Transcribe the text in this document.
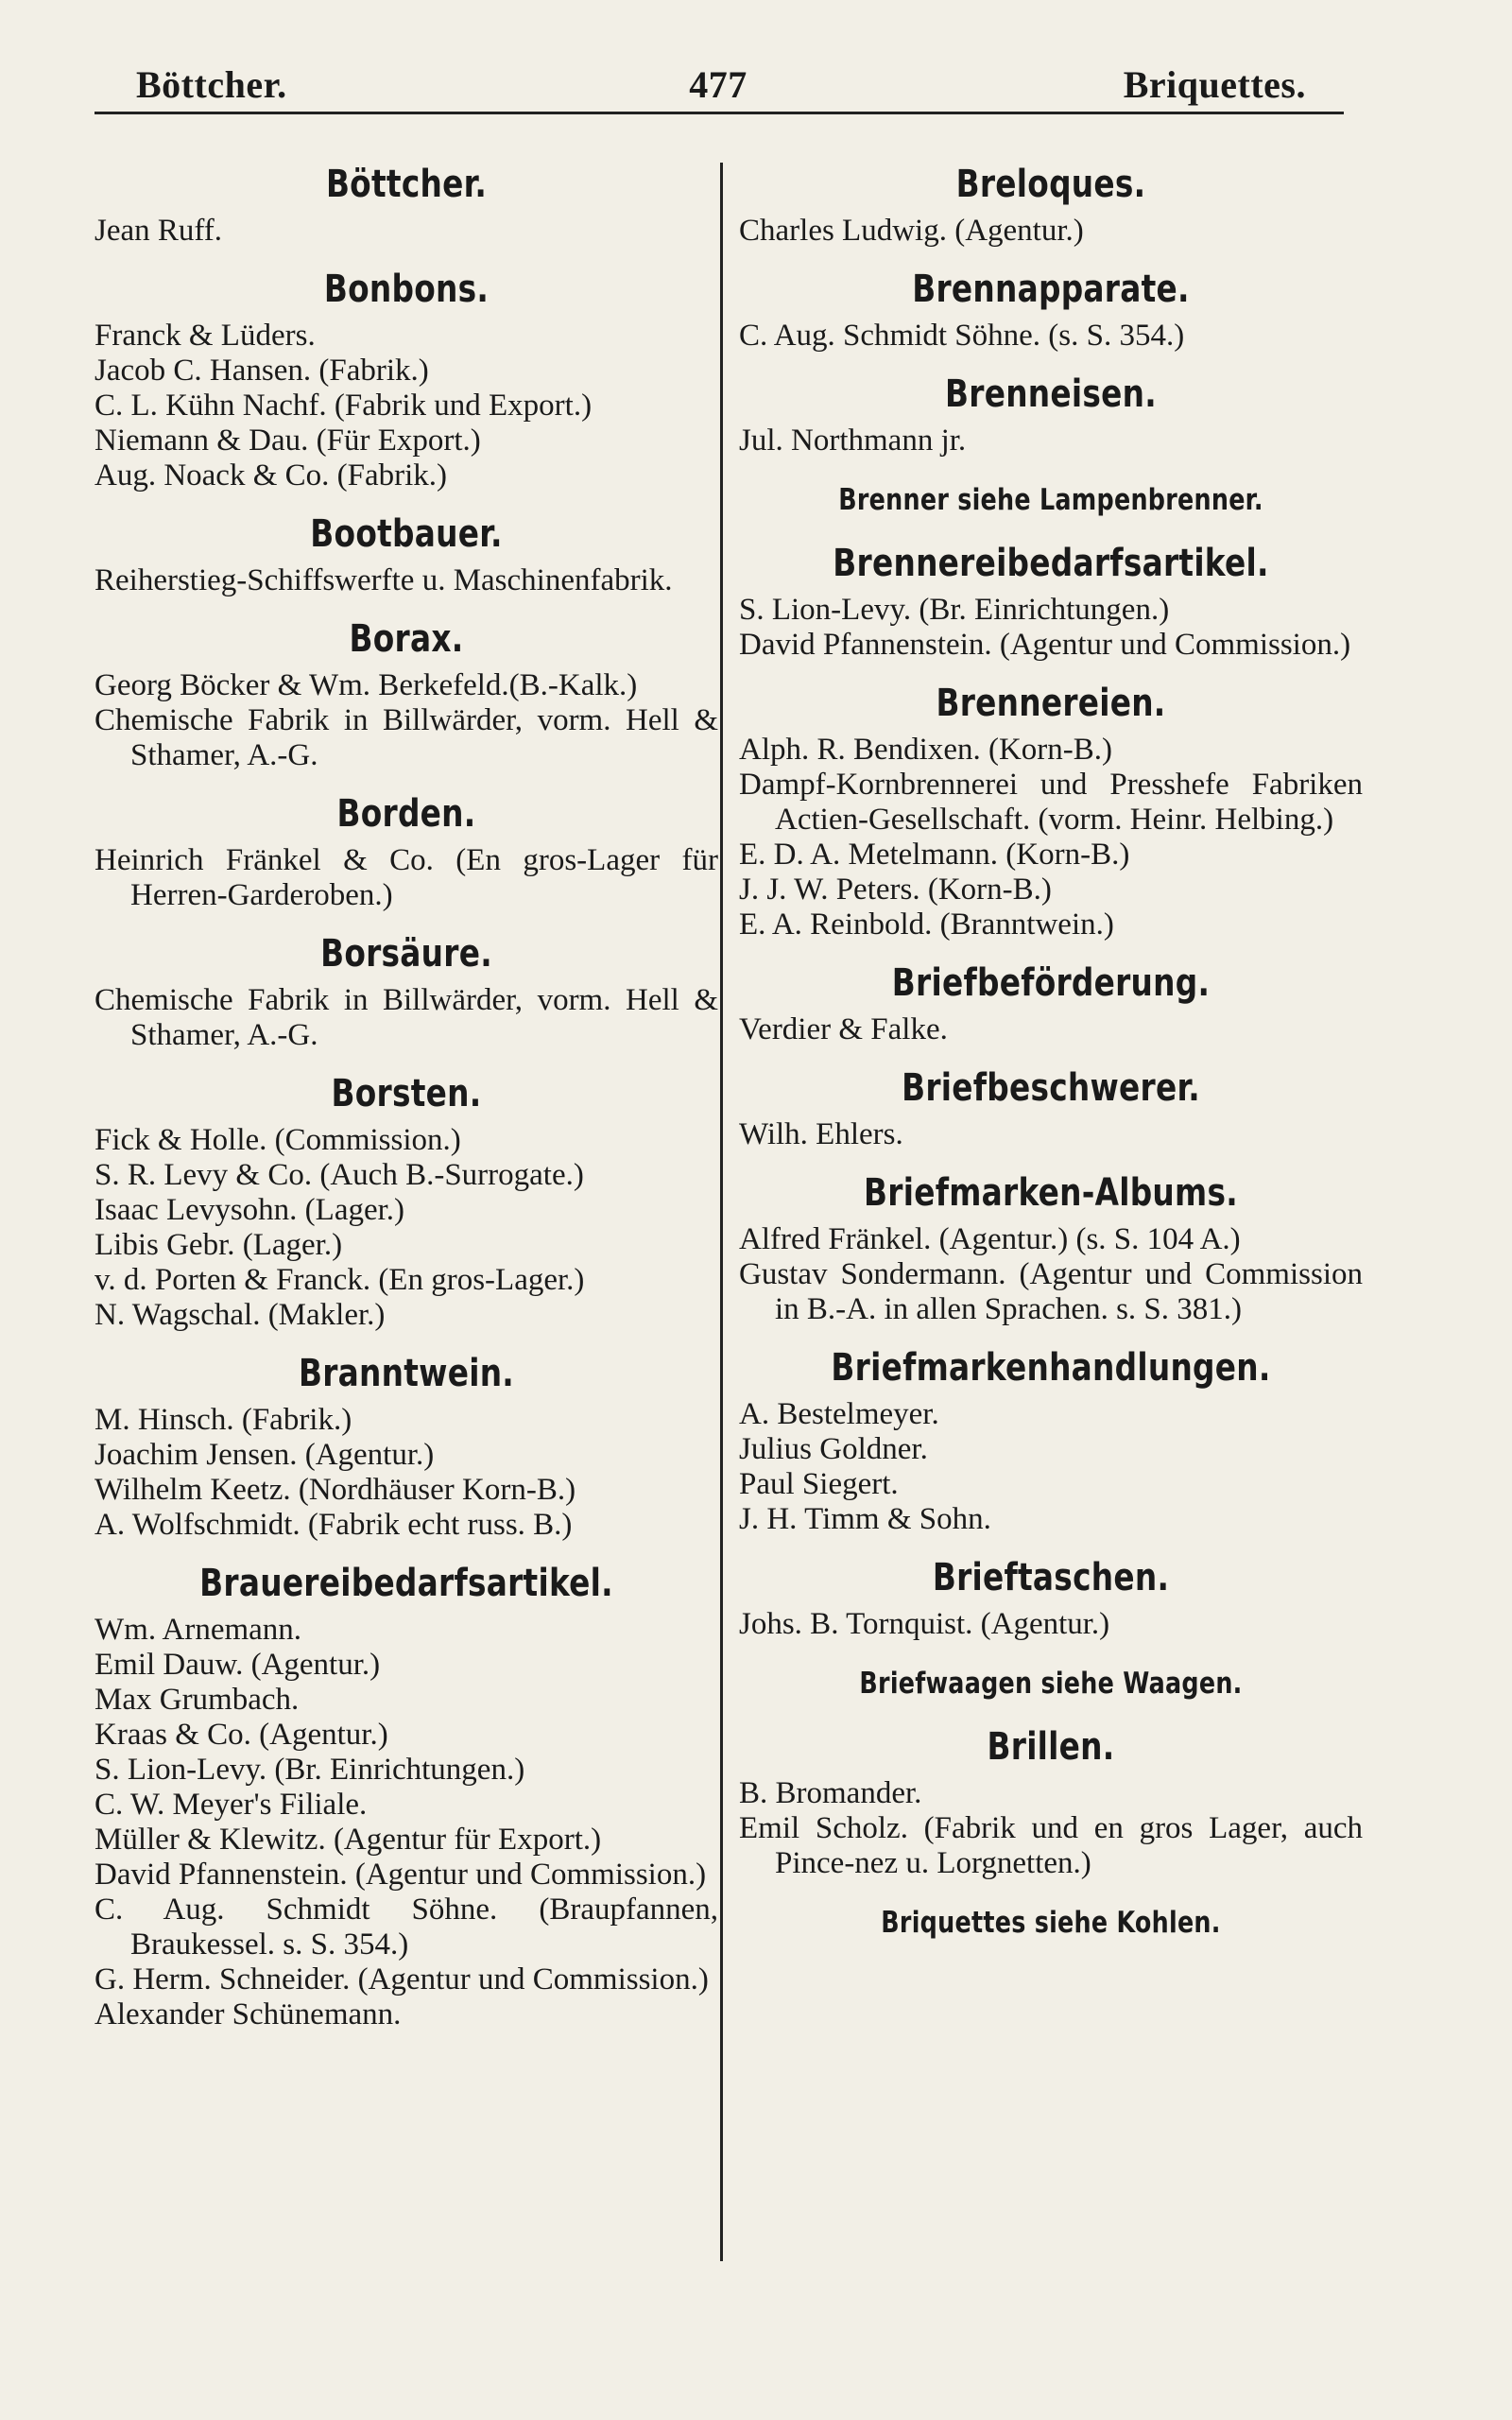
Böttcher.	477	Briquettes.
Böttcher.
Jean Ruff.
Bonbons.
Franck & Lüders.
Jacob C. Hansen. (Fabrik.)
C. L. Kühn Nachf. (Fabrik und Export.)
Niemann & Dau. (Für Export.)
Aug. Noack & Co. (Fabrik.)
Bootbauer.
Reiherstieg-Schiffswerfte u. Maschinenfabrik.
Borax.
Georg Böcker & Wm. Berkefeld.(B.-Kalk.)
Chemische Fabrik in Billwärder, vorm. Hell & Sthamer, A.-G.
Borden.
Heinrich Fränkel & Co. (En gros-Lager für Herren-Garderoben.)
Borsäure.
Chemische Fabrik in Billwärder, vorm. Hell & Sthamer, A.-G.
Borsten.
Fick & Holle. (Commission.)
S. R. Levy & Co. (Auch B.-Surrogate.)
Isaac Levysohn. (Lager.)
Libis Gebr. (Lager.)
v. d. Porten & Franck. (En gros-Lager.)
N. Wagschal. (Makler.)
Branntwein.
M. Hinsch. (Fabrik.)
Joachim Jensen. (Agentur.)
Wilhelm Keetz. (Nordhäuser Korn-B.)
A. Wolfschmidt. (Fabrik echt russ. B.)
Brauereibedarfsartikel.
Wm. Arnemann.
Emil Dauw. (Agentur.)
Max Grumbach.
Kraas & Co. (Agentur.)
S. Lion-Levy. (Br. Einrichtungen.)
C. W. Meyer's Filiale.
Müller & Klewitz. (Agentur für Export.)
David Pfannenstein. (Agentur und Commission.)
C. Aug. Schmidt Söhne. (Braupfannen, Braukessel. s. S. 354.)
G. Herm. Schneider. (Agentur und Commission.)
Alexander Schünemann.
Breloques.
Charles Ludwig. (Agentur.)
Brennapparate.
C. Aug. Schmidt Söhne. (s. S. 354.)
Brenneisen.
Jul. Northmann jr.
Brenner siehe Lampenbrenner.
Brennereibedarfsartikel.
S. Lion-Levy. (Br. Einrichtungen.)
David Pfannenstein. (Agentur und Commission.)
Brennereien.
Alph. R. Bendixen. (Korn-B.)
Dampf-Kornbrennerei und Presshefe Fabriken Actien-Gesellschaft. (vorm. Heinr. Helbing.)
E. D. A. Metelmann. (Korn-B.)
J. J. W. Peters. (Korn-B.)
E. A. Reinbold. (Branntwein.)
Briefbeförderung.
Verdier & Falke.
Briefbeschwerer.
Wilh. Ehlers.
Briefmarken-Albums.
Alfred Fränkel. (Agentur.) (s. S. 104 A.)
Gustav Sondermann. (Agentur und Commission in B.-A. in allen Sprachen. s. S. 381.)
Briefmarkenhandlungen.
A. Bestelmeyer.
Julius Goldner.
Paul Siegert.
J. H. Timm & Sohn.
Brieftaschen.
Johs. B. Tornquist. (Agentur.)
Briefwaagen siehe Waagen.
Brillen.
B. Bromander.
Emil Scholz. (Fabrik und en gros Lager, auch Pince-nez u. Lorgnetten.)
Briquettes siehe Kohlen.
